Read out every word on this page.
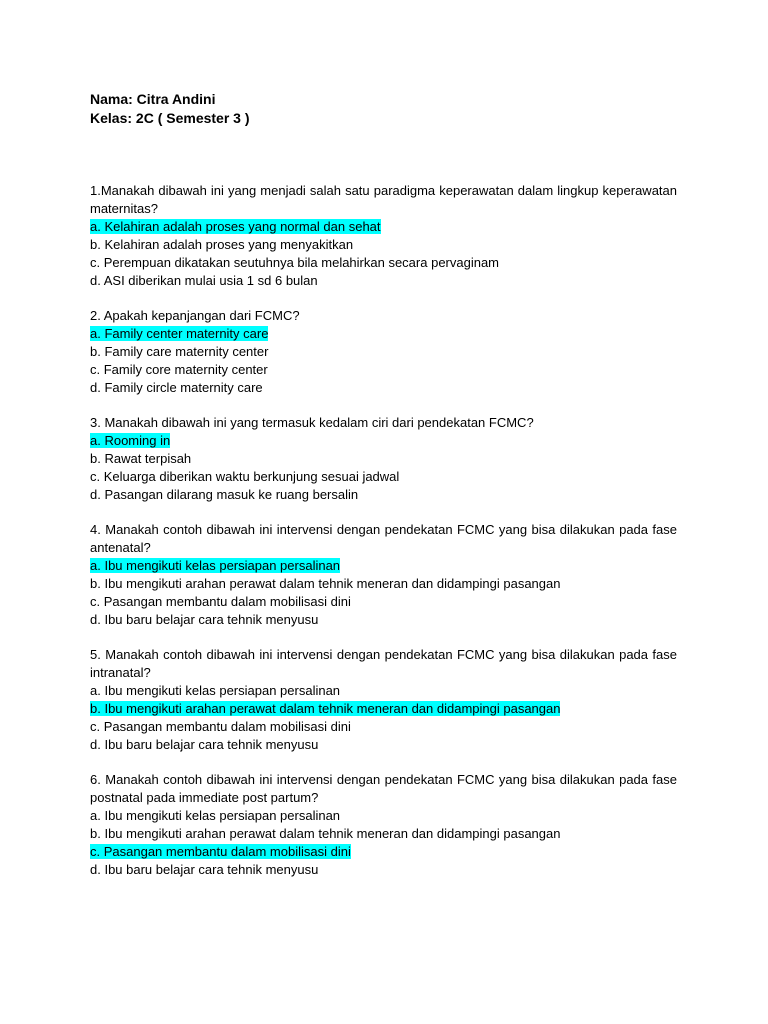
Nama: Citra Andini
Kelas: 2C ( Semester 3 )
1.Manakah dibawah ini yang menjadi salah satu paradigma keperawatan dalam lingkup keperawatan maternitas?
a. Kelahiran adalah proses yang normal dan sehat
b. Kelahiran adalah proses yang menyakitkan
c. Perempuan dikatakan seutuhnya bila melahirkan secara pervaginam
d. ASI diberikan mulai usia 1 sd 6 bulan
2. Apakah kepanjangan dari FCMC?
a. Family center maternity care
b. Family care maternity center
c. Family core maternity center
d. Family circle maternity care
3. Manakah dibawah ini yang termasuk kedalam ciri dari pendekatan FCMC?
a. Rooming in
b. Rawat terpisah
c. Keluarga diberikan waktu berkunjung sesuai jadwal
d. Pasangan dilarang masuk ke ruang bersalin
4. Manakah contoh dibawah ini intervensi dengan pendekatan FCMC yang bisa dilakukan pada fase antenatal?
a. Ibu mengikuti kelas persiapan persalinan
b. Ibu mengikuti arahan perawat dalam tehnik meneran dan didampingi pasangan
c. Pasangan membantu dalam mobilisasi dini
d. Ibu baru belajar cara tehnik menyusu
5. Manakah contoh dibawah ini intervensi dengan pendekatan FCMC yang bisa dilakukan pada fase intranatal?
a. Ibu mengikuti kelas persiapan persalinan
b. Ibu mengikuti arahan perawat dalam tehnik meneran dan didampingi pasangan
c. Pasangan membantu dalam mobilisasi dini
d. Ibu baru belajar cara tehnik menyusu
6. Manakah contoh dibawah ini intervensi dengan pendekatan FCMC yang bisa dilakukan pada fase postnatal pada immediate post partum?
a. Ibu mengikuti kelas persiapan persalinan
b. Ibu mengikuti arahan perawat dalam tehnik meneran dan didampingi pasangan
c. Pasangan membantu dalam mobilisasi dini
d. Ibu baru belajar cara tehnik menyusu
